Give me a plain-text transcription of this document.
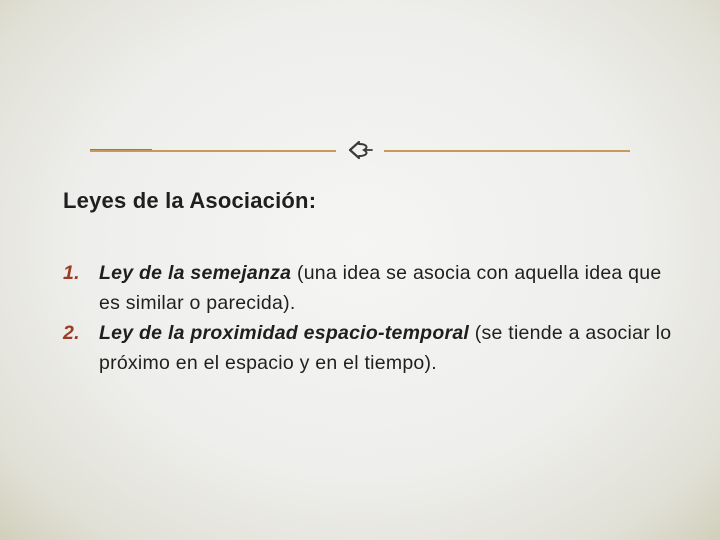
Leyes de la Asociación:
1. Ley de la semejanza (una idea se asocia con aquella idea que es similar o parecida).
2. Ley de la proximidad espacio-temporal (se tiende a asociar lo próximo en el espacio y en el tiempo).
